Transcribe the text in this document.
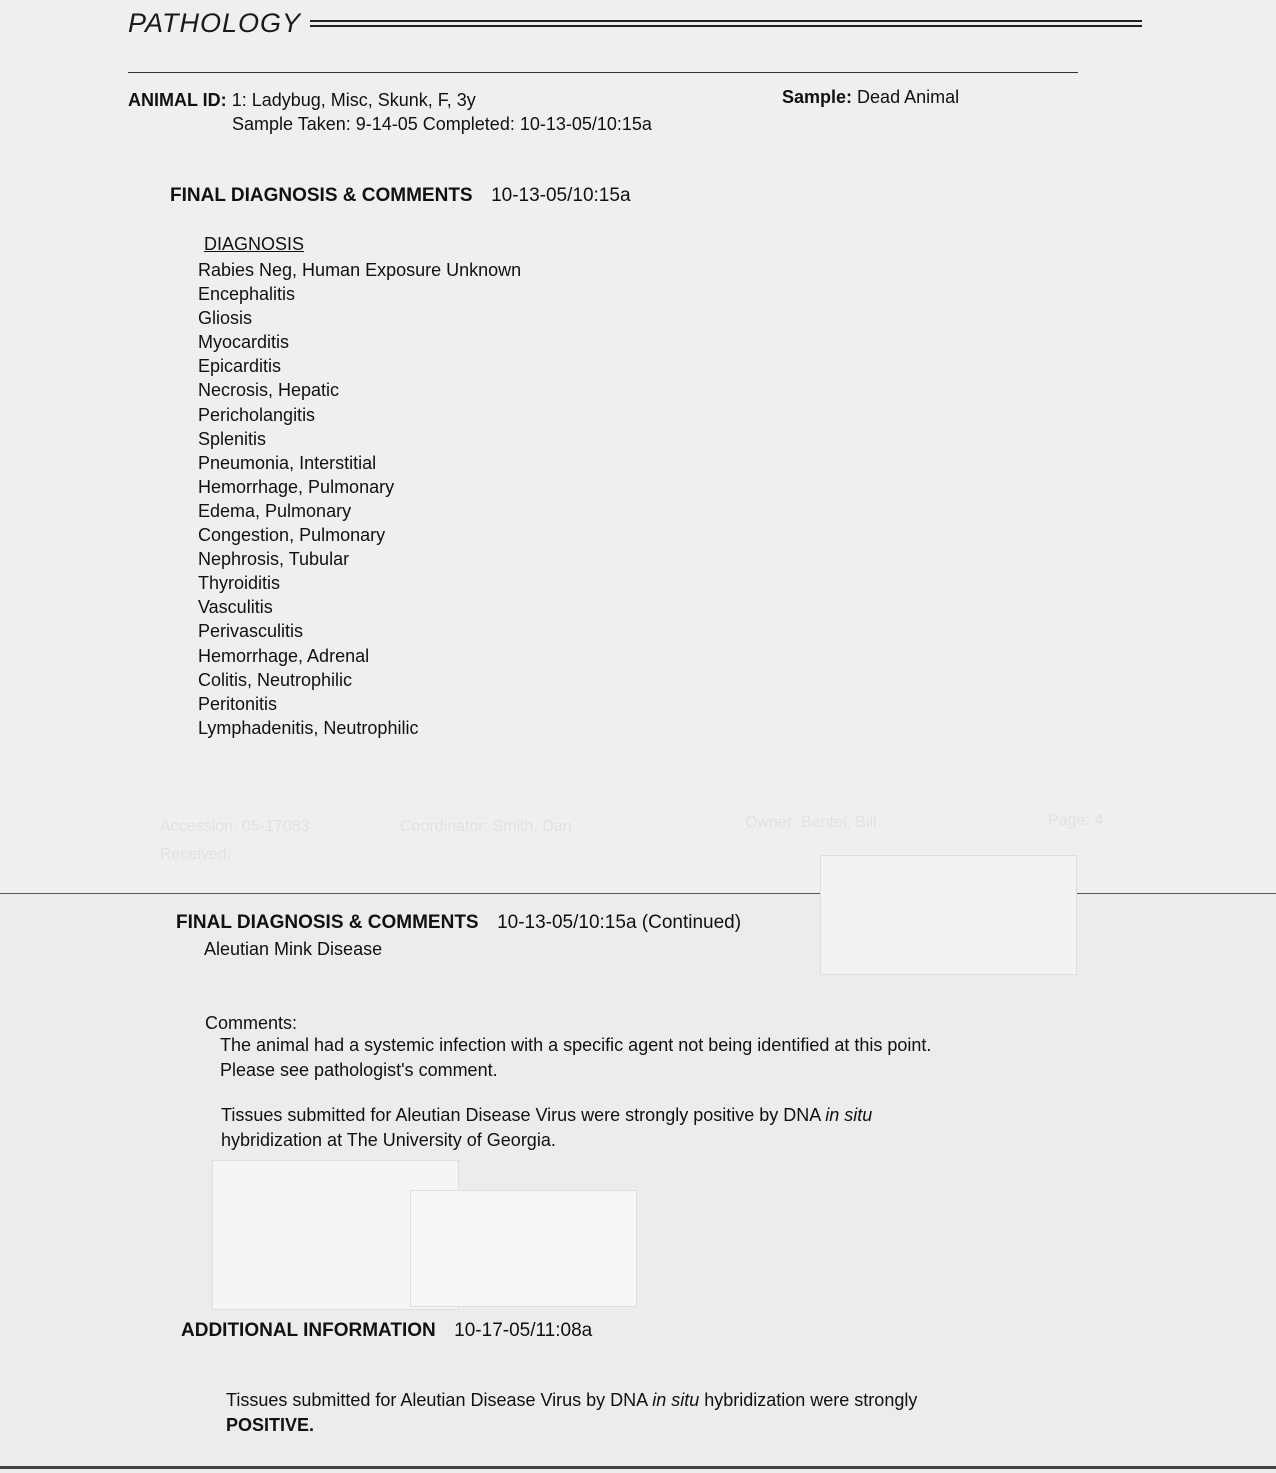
Accession: 05-17083	Coordinator: Smith, Dan	Owner: Bentel, Bill	Page: 4
Received:
PATHOLOGY
ANIMAL ID: 1: Ladybug, Misc, Skunk, F, 3y	Sample: Dead Animal
Sample Taken: 9-14-05 Completed: 10-13-05/10:15a
FINAL DIAGNOSIS & COMMENTS 10-13-05/10:15a
DIAGNOSIS
Rabies Neg, Human Exposure Unknown
Encephalitis
Gliosis
Myocarditis
Epicarditis
Necrosis, Hepatic
Pericholangitis
Splenitis
Pneumonia, Interstitial
Hemorrhage, Pulmonary
Edema, Pulmonary
Congestion, Pulmonary
Nephrosis, Tubular
Thyroiditis
Vasculitis
Perivasculitis
Hemorrhage, Adrenal
Colitis, Neutrophilic
Peritonitis
Lymphadenitis, Neutrophilic
FINAL DIAGNOSIS & COMMENTS 10-13-05/10:15a (Continued)
Aleutian Mink Disease
Comments:
The animal had a systemic infection with a specific agent not being identified at this point.
Please see pathologist's comment.
Tissues submitted for Aleutian Disease Virus were strongly positive by DNA in situ
hybridization at The University of Georgia.
ADDITIONAL INFORMATION 10-17-05/11:08a
Tissues submitted for Aleutian Disease Virus by DNA in situ hybridization were strongly
POSITIVE.
